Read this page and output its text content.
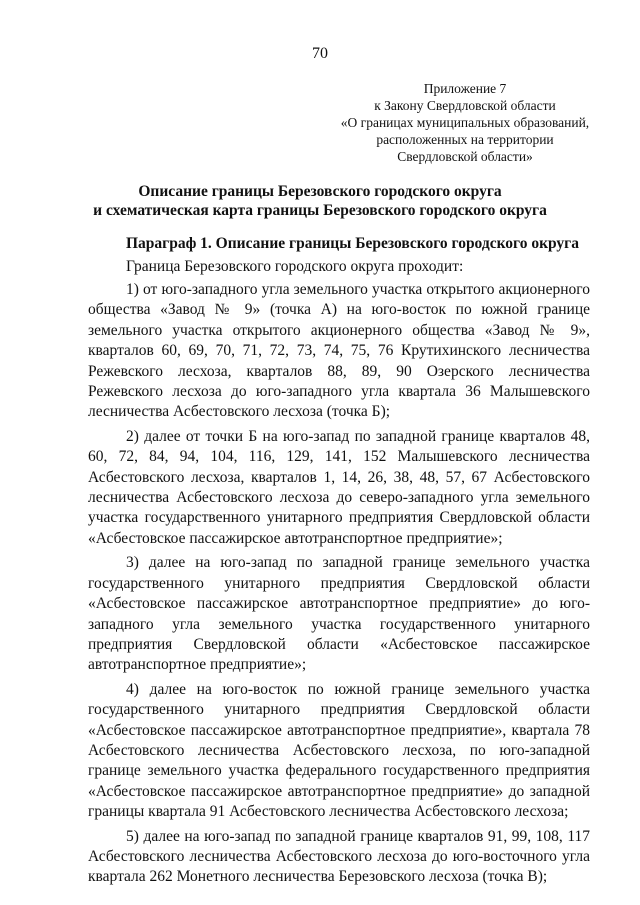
70
Приложение 7
к Закону Свердловской области
«О границах муниципальных образований,
расположенных на территории
Свердловской области»
Описание границы Березовского городского округа
и схематическая карта границы Березовского городского округа
Параграф 1. Описание границы Березовского городского округа
Граница Березовского городского округа проходит:

1) от юго-западного угла земельного участка открытого акционерного общества «Завод № 9» (точка А) на юго-восток по южной границе земельного участка открытого акционерного общества «Завод № 9», кварталов 60, 69, 70, 71, 72, 73, 74, 75, 76 Крутихинского лесничества Режевского лесхоза, кварталов 88, 89, 90 Озерского лесничества Режевского лесхоза до юго-западного угла квартала 36 Малышевского лесничества Асбестовского лесхоза (точка Б);

2) далее от точки Б на юго-запад по западной границе кварталов 48, 60, 72, 84, 94, 104, 116, 129, 141, 152 Малышевского лесничества Асбестовского лесхоза, кварталов 1, 14, 26, 38, 48, 57, 67 Асбестовского лесничества Асбестовского лесхоза до северо-западного угла земельного участка государственного унитарного предприятия Свердловской области «Асбестовское пассажирское автотранспортное предприятие»;

3) далее на юго-запад по западной границе земельного участка государственного унитарного предприятия Свердловской области «Асбестовское пассажирское автотранспортное предприятие» до юго-западного угла земельного участка государственного унитарного предприятия Свердловской области «Асбестовское пассажирское автотранспортное предприятие»;

4) далее на юго-восток по южной границе земельного участка государственного унитарного предприятия Свердловской области «Асбестовское пассажирское автотранспортное предприятие», квартала 78 Асбестовского лесничества Асбестовского лесхоза, по юго-западной границе земельного участка федерального государственного предприятия «Асбестовское пассажирское автотранспортное предприятие» до западной границы квартала 91 Асбестовского лесничества Асбестовского лесхоза;

5) далее на юго-запад по западной границе кварталов 91, 99, 108, 117 Асбестовского лесничества Асбестовского лесхоза до юго-восточного угла квартала 262 Монетного лесничества Березовского лесхоза (точка В);
